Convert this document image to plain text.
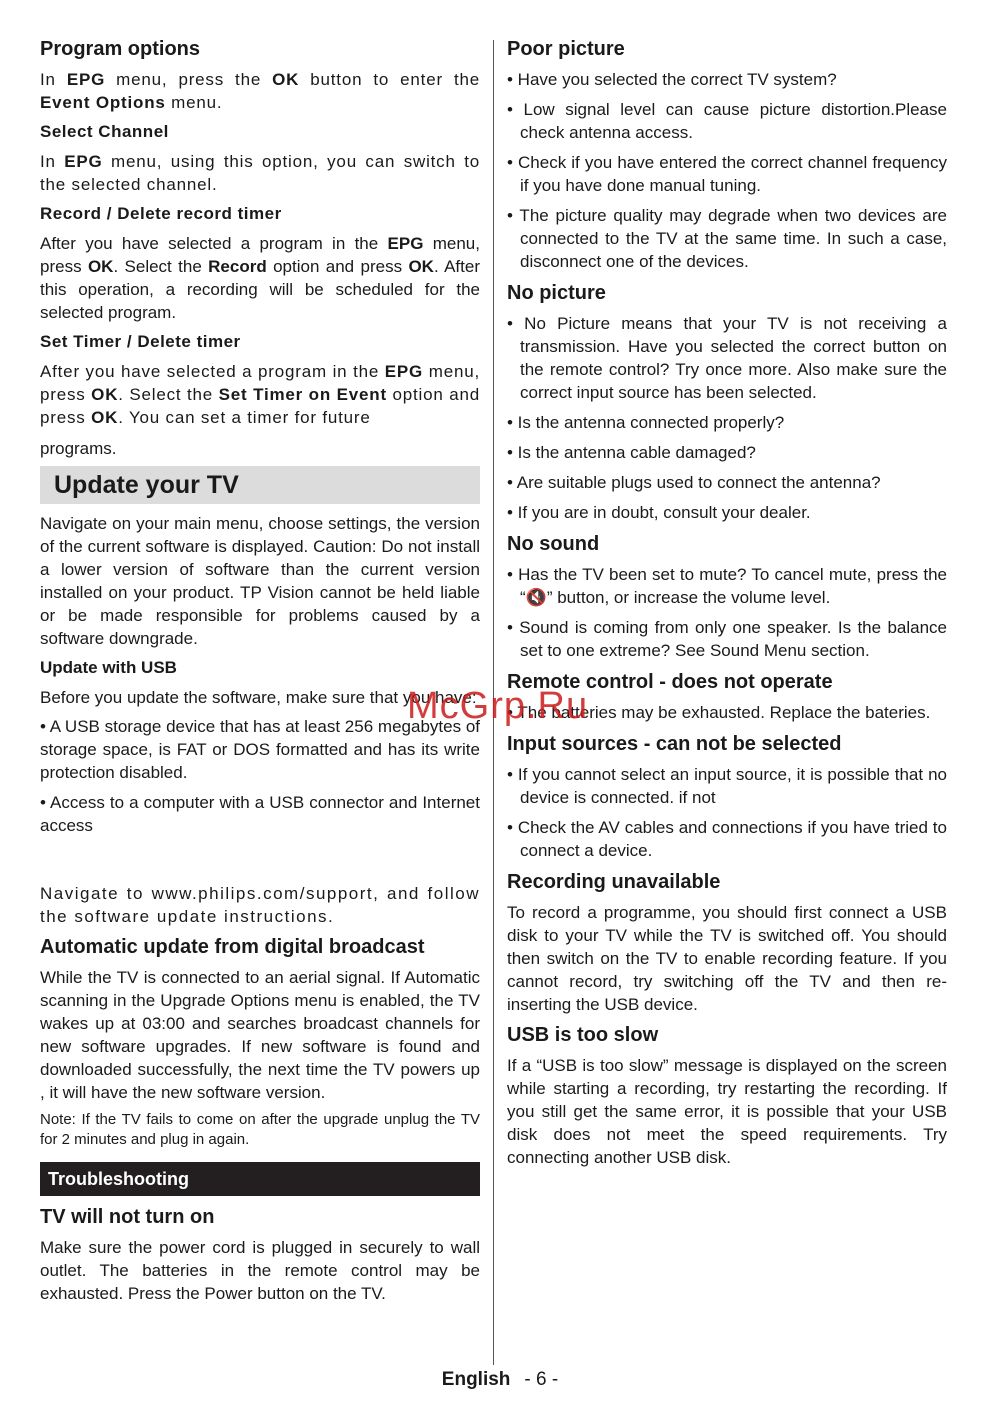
Program options

In EPG menu, press the OK button to enter the Event Options menu.

Select Channel

In EPG menu, using this option, you can switch to the selected channel.

Record / Delete record timer

After you have selected a program in the EPG menu, press OK. Select the Record option and press OK. After this operation, a recording will be scheduled for the selected program.

Set Timer / Delete timer

After you have selected a program in the EPG menu, press OK. Select the Set Timer on Event option and press OK. You can set a timer for future

programs.

Update your TV

Navigate on your main menu, choose settings, the version of the current software is displayed. Caution: Do not install a lower version of software than the current version installed on your product. TP Vision cannot be held liable or be made responsible for problems caused by a software downgrade.

Update with USB

Before you update the software, make sure that you have:

• A USB storage device that has at least 256 megabytes of storage space, is FAT or DOS formatted and has its write protection disabled.
• Access to a computer with a USB connector and Internet access

Navigate to www.philips.com/support, and follow the software update instructions.

Automatic update from digital broadcast

While the TV is connected to an aerial signal. If Automatic scanning in the Upgrade Options menu is enabled, the TV wakes up at 03:00 and searches broadcast channels for new software upgrades. If new software is found and downloaded successfully, the next time the TV powers up , it will have the new software version.

Note: If the TV fails to come on after the upgrade unplug the TV for 2 minutes and plug in again.

Troubleshooting
TV will not turn on

Make sure the power cord is plugged in securely to wall outlet. The batteries in the remote control may be exhausted. Press the Power button on the TV.

Poor picture
• Have you selected the correct TV system?
• Low signal level can cause picture distortion.Please check antenna access.
• Check if you have entered the correct channel frequency if you have done manual tuning.
• The picture quality may degrade when two devices are connected to the TV at the same time. In such a case, disconnect one of the devices.
No picture
• No Picture means that your TV is not receiving a transmission. Have you selected the correct button on the remote control? Try once more. Also make sure the correct input source has been selected.
• Is the antenna connected properly?
• Is the antenna cable damaged?
• Are suitable plugs used to connect the antenna?
• If you are in doubt, consult your dealer.
No sound
• Has the TV been set to mute? To cancel mute, press the “🔇” button, or increase the volume level.
• Sound is coming from only one speaker. Is the balance set to one extreme? See Sound Menu section.
Remote control - does not operate
• The batteries may be exhausted. Replace the bateries.
Input sources - can not be selected
• If you cannot select an input source, it is possible that no device is connected. if not
• Check the AV cables and connections if you have tried to connect a device.
Recording unavailable

To record a programme, you should first connect a USB disk to your TV while the TV is switched off. You should then switch on the TV to enable recording feature. If you cannot record, try switching off the TV and then re-inserting the USB device.

USB is too slow

If a “USB is too slow” message is displayed on the screen while starting a recording, try restarting the recording. If you still get the same error, it is possible that your USB disk does not meet the speed requirements. Try connecting another USB disk.

McGrp.Ru
English - 6 -
